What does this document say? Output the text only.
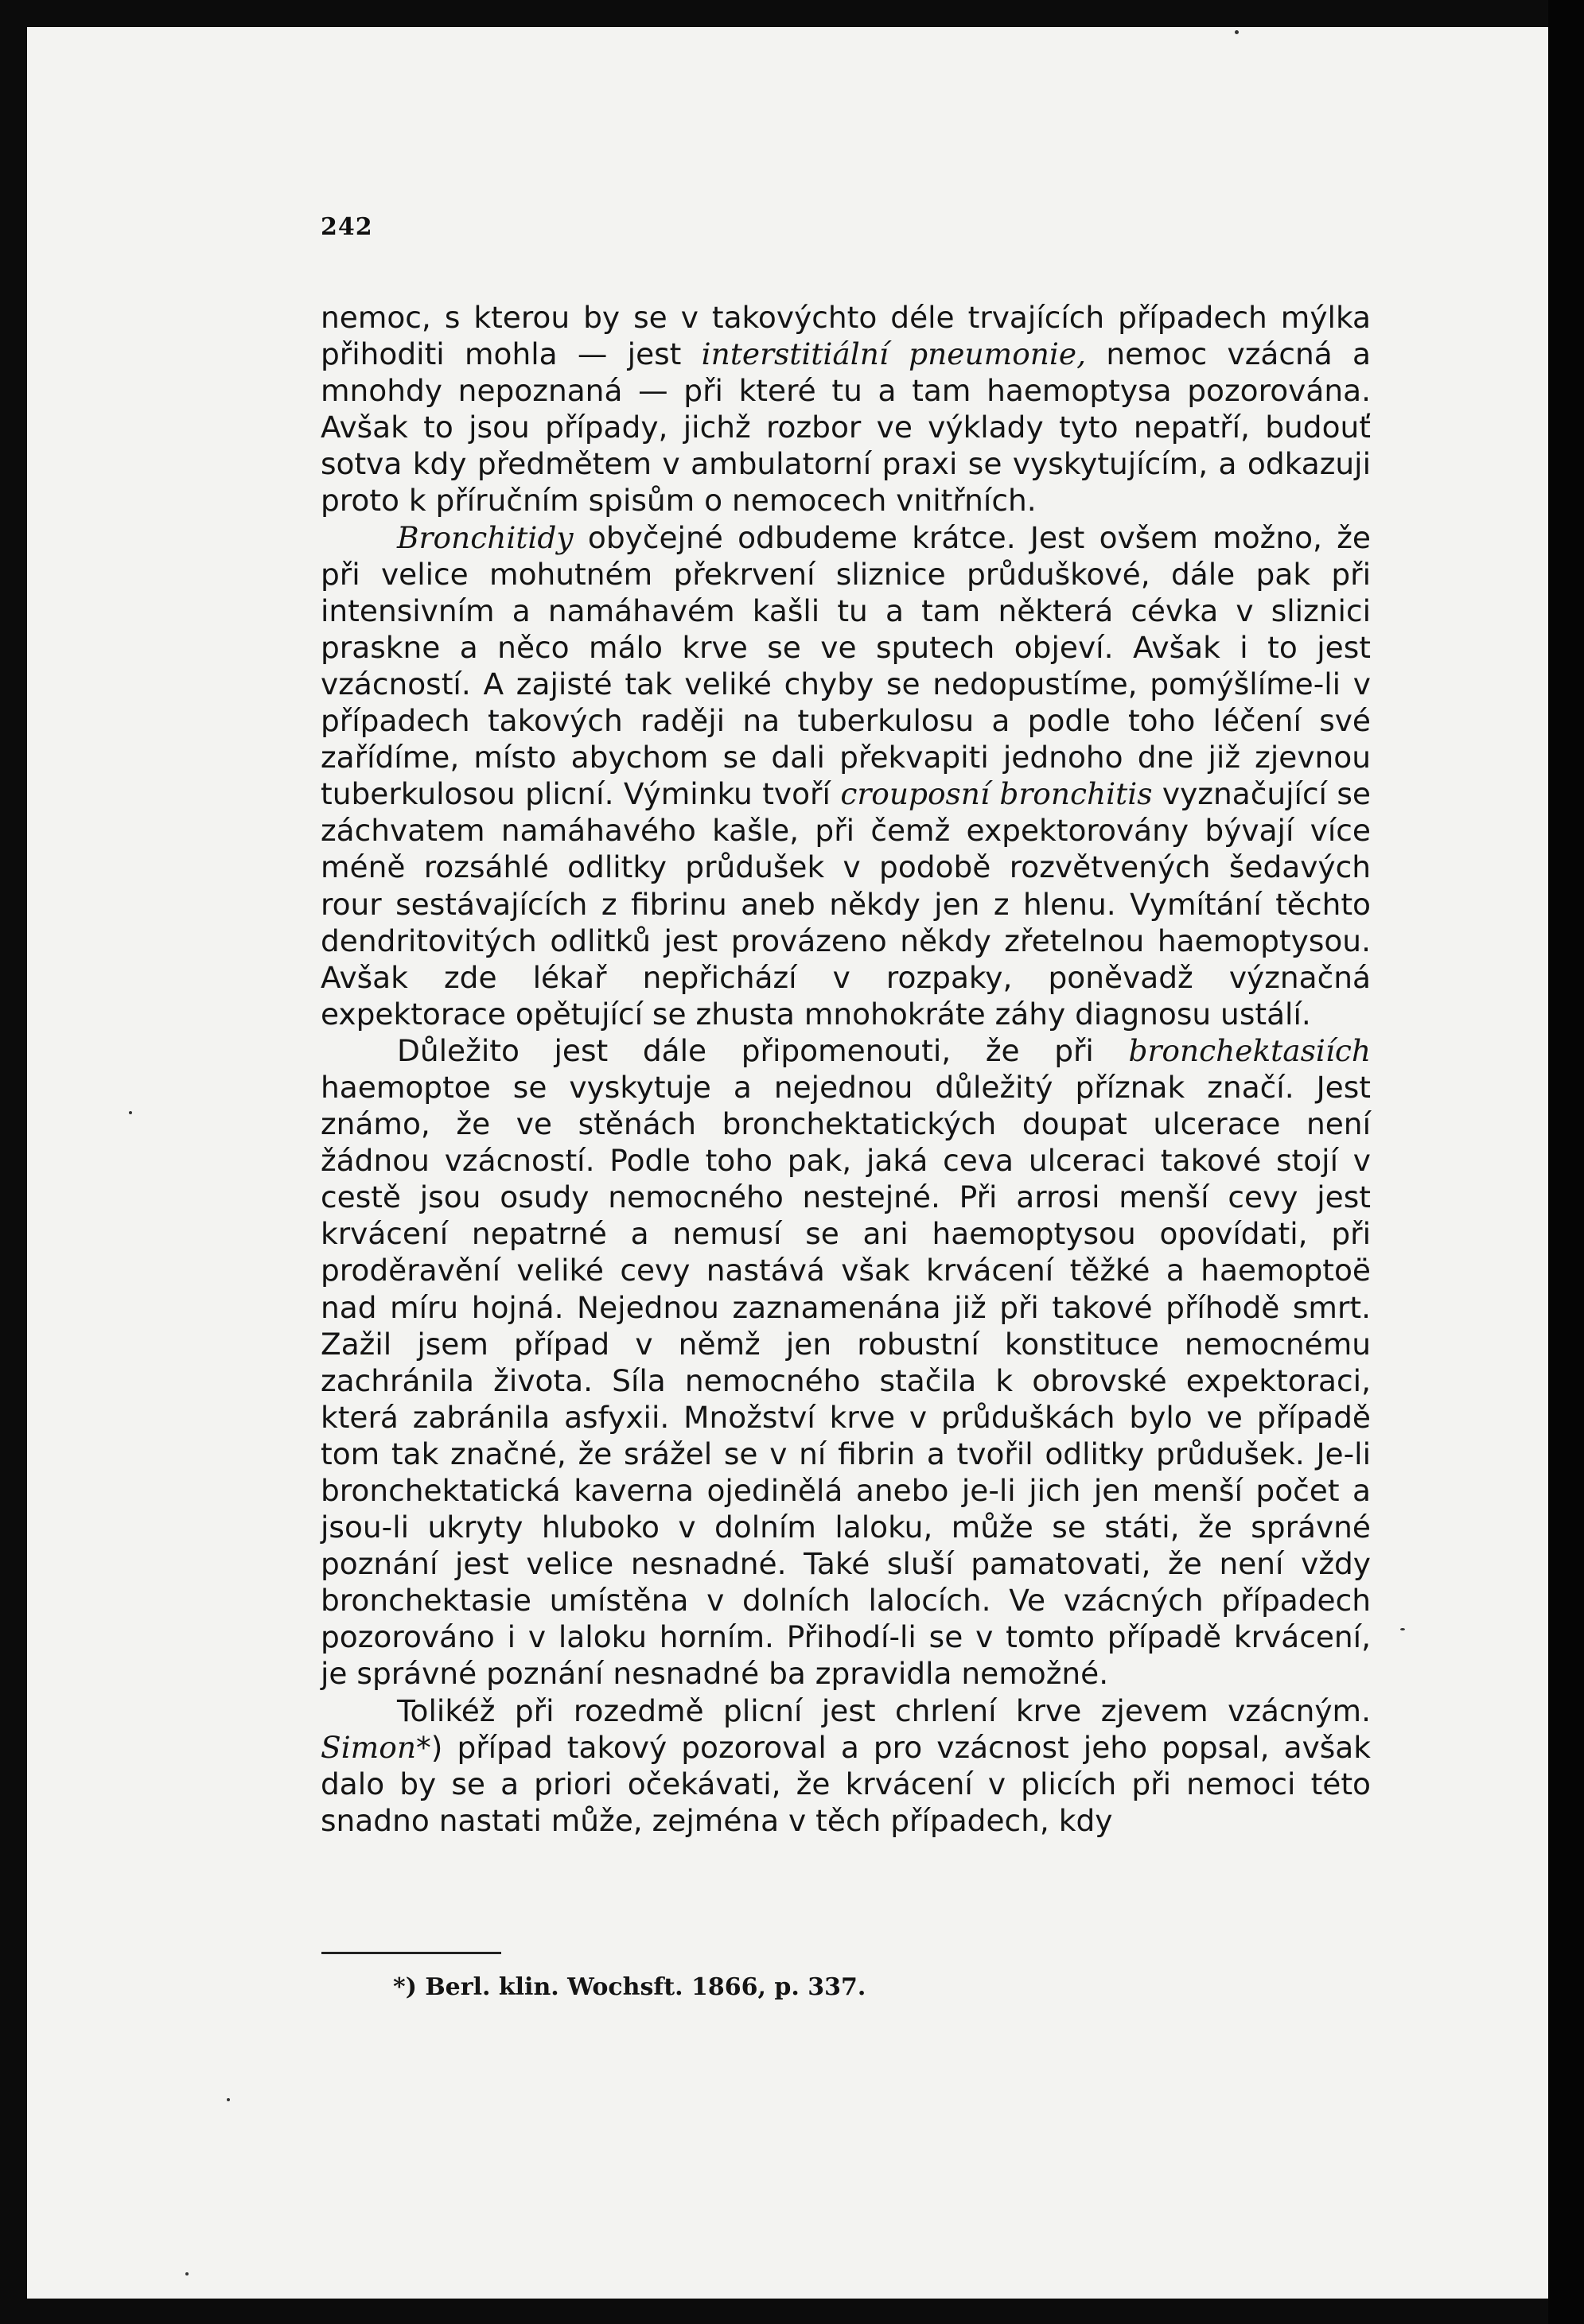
242

nemoc, s kterou by se v takovýchto déle trvajících případech mýlka přihoditi mohla — jest interstitiální pneumonie, nemoc vzácná a mnohdy nepoznaná — při které tu a tam haemoptysa pozorována. Avšak to jsou případy, jichž rozbor ve výklady tyto nepatří, budouť sotva kdy předmětem v ambulatorní praxi se vyskytujícím, a odkazuji proto k příručním spisům o nemocech vnitřních.

Bronchitidy obyčejné odbudeme krátce. Jest ovšem možno, že při velice mohutném překrvení sliznice průduškové, dále pak při intensivním a namáhavém kašli tu a tam některá cévka v sliznici praskne a něco málo krve se ve sputech objeví. Avšak i to jest vzácností. A zajisté tak veliké chyby se nedopustíme, pomýšlíme-li v případech takových raději na tuberkulosu a podle toho léčení své zařídíme, místo abychom se dali překvapiti jednoho dne již zjevnou tuberkulosou plicní. Výminku tvoří crouposní bronchitis vyznačující se záchvatem namáhavého kašle, při čemž expektorovány bývají více méně rozsáhlé odlitky průdušek v podobě rozvětvených šedavých rour sestávajících z fibrinu aneb někdy jen z hlenu. Vymítání těchto dendritovitých odlitků jest provázeno někdy zřetelnou haemoptysou. Avšak zde lékař nepřichází v rozpaky, poněvadž význačná expektorace opětující se zhusta mnohokráte záhy diagnosu ustálí.

Důležito jest dále připomenouti, že při bronchektasiích haemoptoe se vyskytuje a nejednou důležitý příznak značí. Jest známo, že ve stěnách bronchektatických doupat ulcerace není žádnou vzácností. Podle toho pak, jaká ceva ulceraci takové stojí v cestě jsou osudy nemocného nestejné. Při arrosi menší cevy jest krvácení nepatrné a nemusí se ani haemoptysou opovídati, při proděravění veliké cevy nastává však krvácení těžké a haemoptoë nad míru hojná. Nejednou zaznamenána již při takové příhodě smrt. Zažil jsem případ v němž jen robustní konstituce nemocnému zachránila života. Síla nemocného stačila k obrovské expektoraci, která zabránila asfyxii. Množství krve v průduškách bylo ve případě tom tak značné, že srážel se v ní fibrin a tvořil odlitky průdušek. Je-li bronchektatická kaverna ojedinělá anebo je-li jich jen menší počet a jsou-li ukryty hluboko v dolním laloku, může se státi, že správné poznání jest velice nesnadné. Také sluší pamatovati, že není vždy bronchektasie umístěna v dolních lalocích. Ve vzácných případech pozorováno i v laloku horním. Přihodí-li se v tomto případě krvácení, je správné poznání nesnadné ba zpravidla nemožné.

Tolikéž při rozedmě plicní jest chrlení krve zjevem vzácným. Simon*) případ takový pozoroval a pro vzácnost jeho popsal, avšak dalo by se a priori očekávati, že krvácení v plicích při nemoci této snadno nastati může, zejména v těch případech, kdy

*) Berl. klin. Wochsft. 1866, p. 337.
